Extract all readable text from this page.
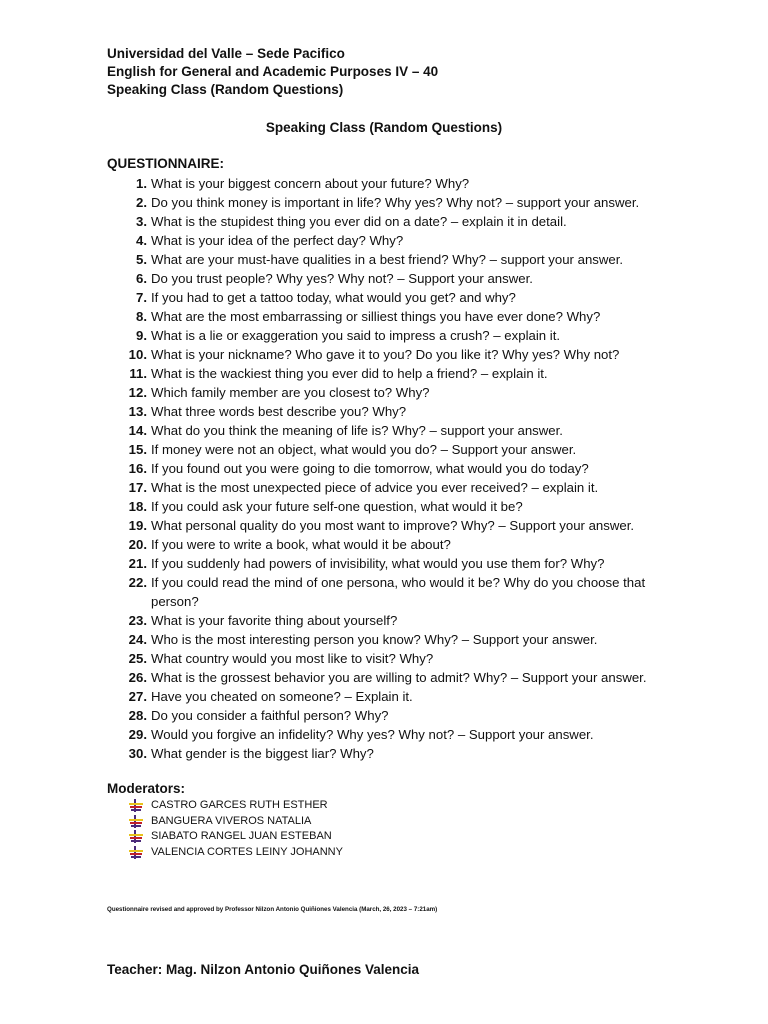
Universidad del Valle – Sede Pacifico
English for General and Academic Purposes IV – 40
Speaking Class (Random Questions)
Speaking Class (Random Questions)
QUESTIONNAIRE:
1. What is your biggest concern about your future? Why?
2. Do you think money is important in life? Why yes? Why not? – support your answer.
3. What is the stupidest thing you ever did on a date? – explain it in detail.
4. What is your idea of the perfect day? Why?
5. What are your must-have qualities in a best friend? Why? – support your answer.
6. Do you trust people? Why yes? Why not? – Support your answer.
7. If you had to get a tattoo today, what would you get? and why?
8. What are the most embarrassing or silliest things you have ever done? Why?
9. What is a lie or exaggeration you said to impress a crush? – explain it.
10. What is your nickname? Who gave it to you? Do you like it? Why yes? Why not?
11. What is the wackiest thing you ever did to help a friend? – explain it.
12. Which family member are you closest to? Why?
13. What three words best describe you? Why?
14. What do you think the meaning of life is? Why? – support your answer.
15. If money were not an object, what would you do? – Support your answer.
16. If you found out you were going to die tomorrow, what would you do today?
17. What is the most unexpected piece of advice you ever received? – explain it.
18. If you could ask your future self-one question, what would it be?
19. What personal quality do you most want to improve? Why? – Support your answer.
20. If you were to write a book, what would it be about?
21. If you suddenly had powers of invisibility, what would you use them for? Why?
22. If you could read the mind of one persona, who would it be? Why do you choose that person?
23. What is your favorite thing about yourself?
24. Who is the most interesting person you know? Why? – Support your answer.
25. What country would you most like to visit? Why?
26. What is the grossest behavior you are willing to admit? Why? – Support your answer.
27. Have you cheated on someone? – Explain it.
28. Do you consider a faithful person? Why?
29. Would you forgive an infidelity? Why yes? Why not? – Support your answer.
30. What gender is the biggest liar? Why?
Moderators:
CASTRO GARCES RUTH ESTHER
BANGUERA VIVEROS NATALIA
SIABATO RANGEL JUAN ESTEBAN
VALENCIA CORTES LEINY JOHANNY
Questionnaire revised and approved by Professor Nilzon Antonio Quiñiones Valencia (March, 26, 2023 – 7:21am)
Teacher: Mag. Nilzon Antonio Quiñones Valencia
